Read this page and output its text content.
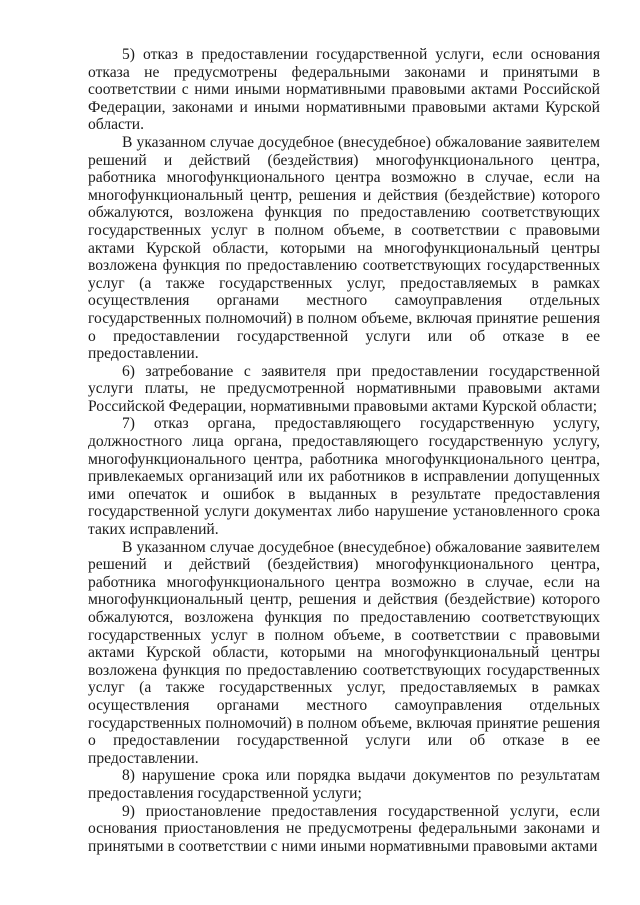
5) отказ в предоставлении государственной услуги, если основания отказа не предусмотрены федеральными законами и принятыми в соответствии с ними иными нормативными правовыми актами Российской Федерации, законами и иными нормативными правовыми актами Курской области.

В указанном случае досудебное (внесудебное) обжалование заявителем решений и действий (бездействия) многофункционального центра, работника многофункционального центра возможно в случае, если на многофункциональный центр, решения и действия (бездействие) которого обжалуются, возложена функция по предоставлению соответствующих государственных услуг в полном объеме, в соответствии с правовыми актами Курской области, которыми на многофункциональный центры возложена функция по предоставлению соответствующих государственных услуг (а также государственных услуг, предоставляемых в рамках осуществления органами местного самоуправления отдельных государственных полномочий) в полном объеме, включая принятие решения о предоставлении государственной услуги или об отказе в ее предоставлении.

6) затребование с заявителя при предоставлении государственной услуги платы, не предусмотренной нормативными правовыми актами Российской Федерации, нормативными правовыми актами Курской области;

7) отказ органа, предоставляющего государственную услугу, должностного лица органа, предоставляющего государственную услугу, многофункционального центра, работника многофункционального центра, привлекаемых организаций или их работников в исправлении допущенных ими опечаток и ошибок в выданных в результате предоставления государственной услуги документах либо нарушение установленного срока таких исправлений.

В указанном случае досудебное (внесудебное) обжалование заявителем решений и действий (бездействия) многофункционального центра, работника многофункционального центра возможно в случае, если на многофункциональный центр, решения и действия (бездействие) которого обжалуются, возложена функция по предоставлению соответствующих государственных услуг в полном объеме, в соответствии с правовыми актами Курской области, которыми на многофункциональный центры возложена функция по предоставлению соответствующих государственных услуг (а также государственных услуг, предоставляемых в рамках осуществления органами местного самоуправления отдельных государственных полномочий) в полном объеме, включая принятие решения о предоставлении государственной услуги или об отказе в ее предоставлении.

8) нарушение срока или порядка выдачи документов по результатам предоставления государственной услуги;

9) приостановление предоставления государственной услуги, если основания приостановления не предусмотрены федеральными законами и принятыми в соответствии с ними иными нормативными правовыми актами
